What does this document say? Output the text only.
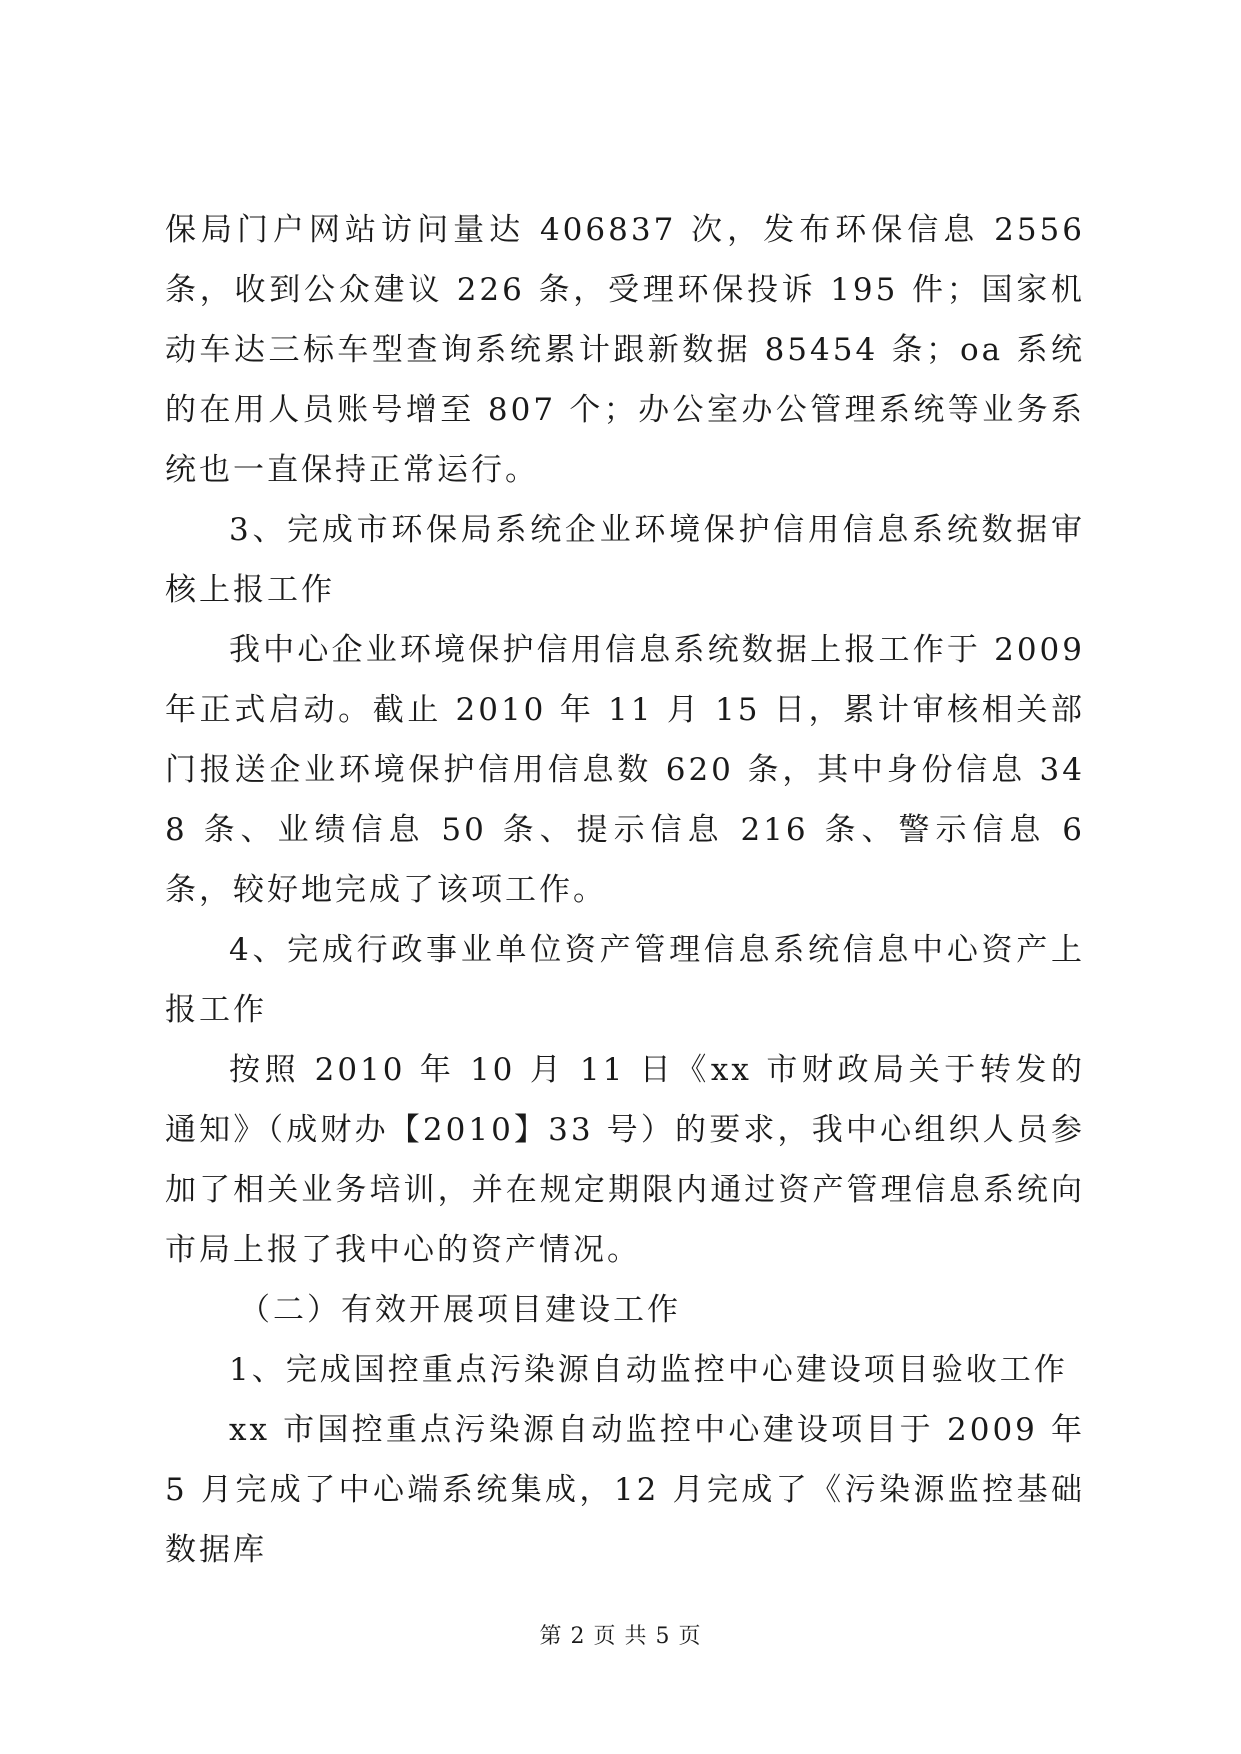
保局门户网站访问量达 406837 次，发布环保信息 2556 条，收到公众建议 226 条，受理环保投诉 195 件；国家机动车达三标车型查询系统累计跟新数据 85454 条；oa 系统的在用人员账号增至 807 个；办公室办公管理系统等业务系统也一直保持正常运行。

3、完成市环保局系统企业环境保护信用信息系统数据审核上报工作

我中心企业环境保护信用信息系统数据上报工作于 2009 年正式启动。截止 2010 年 11 月 15 日，累计审核相关部门报送企业环境保护信用信息数 620 条，其中身份信息 348 条、业绩信息 50 条、提示信息 216 条、警示信息 6 条，较好地完成了该项工作。

4、完成行政事业单位资产管理信息系统信息中心资产上报工作

按照 2010 年 10 月 11 日《xx 市财政局关于转发的通知》（成财办【2010】33 号）的要求，我中心组织人员参加了相关业务培训，并在规定期限内通过资产管理信息系统向市局上报了我中心的资产情况。

（二）有效开展项目建设工作

1、完成国控重点污染源自动监控中心建设项目验收工作

xx 市国控重点污染源自动监控中心建设项目于 2009 年 5 月完成了中心端系统集成，12 月完成了《污染源监控基础数据库

第 2 页 共 5 页
